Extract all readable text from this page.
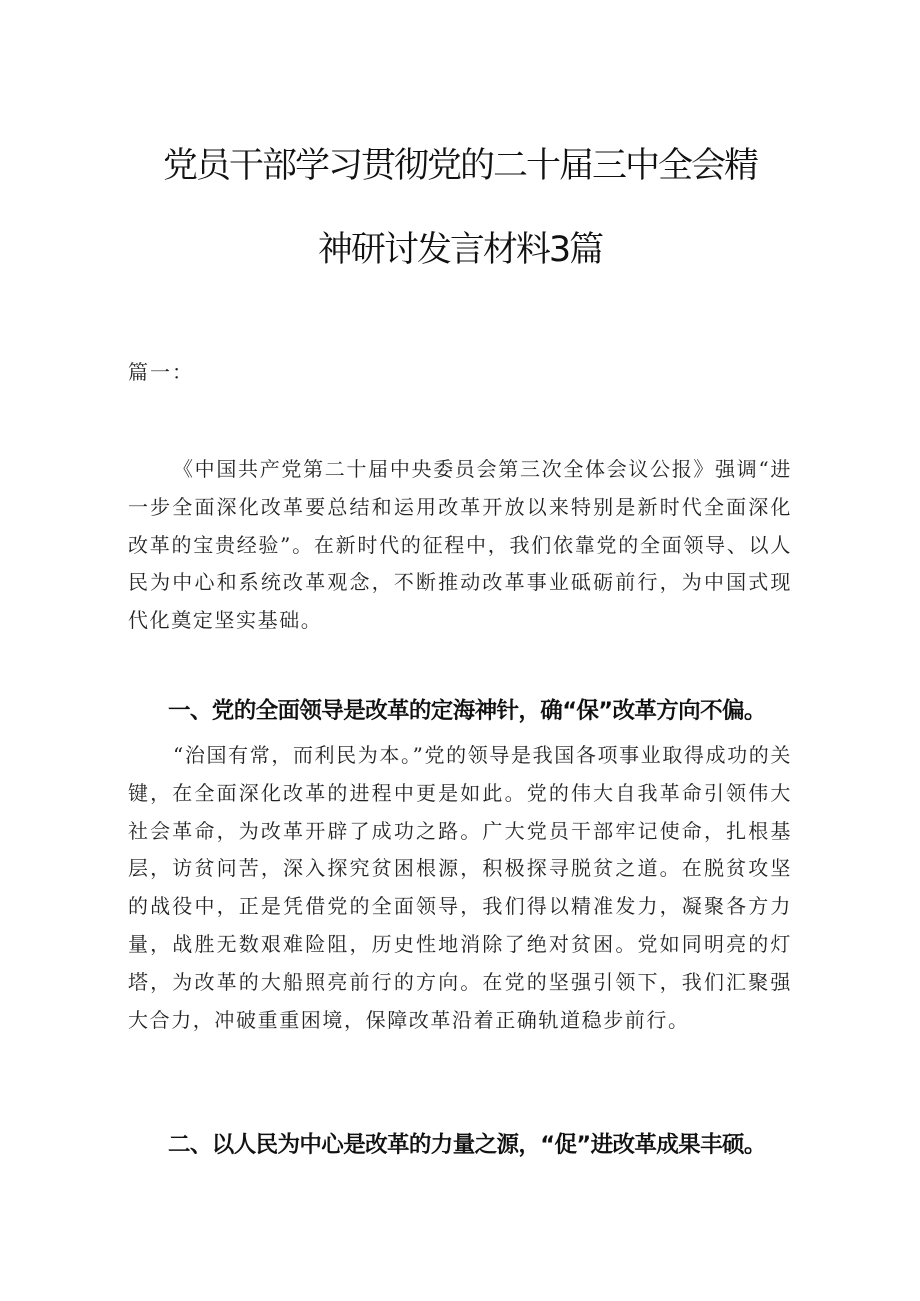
党员干部学习贯彻党的二十届三中全会精
神研讨发言材料3篇
篇一：

《中国共产党第二十届中央委员会第三次全体会议公报》强调“进一步全面深化改革要总结和运用改革开放以来特别是新时代全面深化改革的宝贵经验”。在新时代的征程中，我们依靠党的全面领导、以人民为中心和系统改革观念，不断推动改革事业砥砺前行，为中国式现代化奠定坚实基础。

一、党的全面领导是改革的定海神针，确“保”改革方向不偏。

“治国有常，而利民为本。”党的领导是我国各项事业取得成功的关键，在全面深化改革的进程中更是如此。党的伟大自我革命引领伟大社会革命，为改革开辟了成功之路。广大党员干部牢记使命，扎根基层，访贫问苦，深入探究贫困根源，积极探寻脱贫之道。在脱贫攻坚的战役中，正是凭借党的全面领导，我们得以精准发力，凝聚各方力量，战胜无数艰难险阻，历史性地消除了绝对贫困。党如同明亮的灯塔，为改革的大船照亮前行的方向。在党的坚强引领下，我们汇聚强大合力，冲破重重困境，保障改革沿着正确轨道稳步前行。

二、以人民为中心是改革的力量之源，“促”进改革成果丰硕。
